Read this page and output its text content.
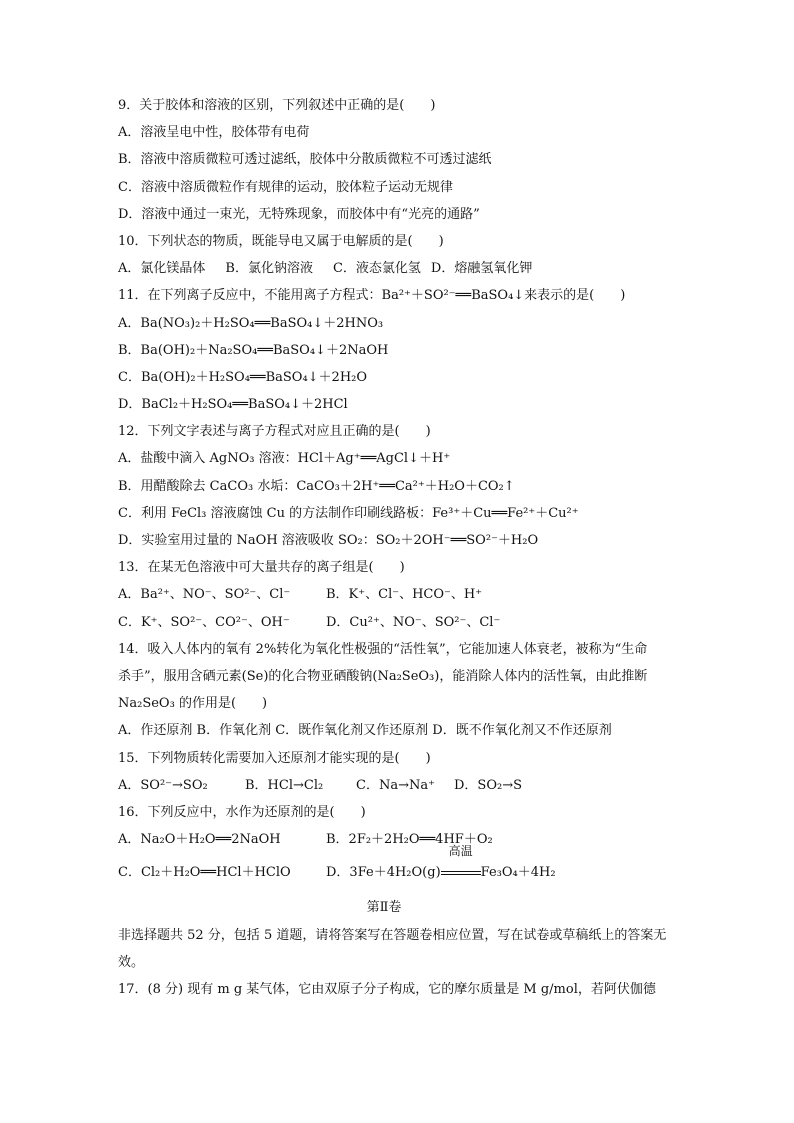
9．关于胶体和溶液的区别，下列叙述中正确的是(　　)
A．溶液呈电中性，胶体带有电荷
B．溶液中溶质微粒可透过滤纸，胶体中分散质微粒不可透过滤纸
C．溶液中溶质微粒作有规律的运动，胶体粒子运动无规律
D．溶液中通过一束光，无特殊现象，而胶体中有“光亮的通路”
10．下列状态的物质，既能导电又属于电解质的是(　　)
A．氯化镁晶体 B．氯化钠溶液 C．液态氯化氢 D．熔融氢氧化钾
11．在下列离子反应中，不能用离子方程式：Ba²⁺＋SO²⁻══BaSO₄↓来表示的是(　　)
A．Ba(NO₃)₂＋H₂SO₄══BaSO₄↓＋2HNO₃
B．Ba(OH)₂＋Na₂SO₄══BaSO₄↓＋2NaOH
C．Ba(OH)₂＋H₂SO₄══BaSO₄↓＋2H₂O
D．BaCl₂＋H₂SO₄══BaSO₄↓＋2HCl
12．下列文字表述与离子方程式对应且正确的是(　　)
A．盐酸中滴入 AgNO₃ 溶液：HCl＋Ag⁺══AgCl↓＋H⁺
B．用醋酸除去 CaCO₃ 水垢：CaCO₃＋2H⁺══Ca²⁺＋H₂O＋CO₂↑
C．利用 FeCl₃ 溶液腐蚀 Cu 的方法制作印刷线路板：Fe³⁺＋Cu══Fe²⁺＋Cu²⁺
D．实验室用过量的 NaOH 溶液吸收 SO₂：SO₂＋2OH⁻══SO²⁻＋H₂O
13．在某无色溶液中可大量共存的离子组是(　　)
A．Ba²⁺、NO⁻、SO²⁻、Cl⁻	B．K⁺、Cl⁻、HCO⁻、H⁺
C．K⁺、SO²⁻、CO²⁻、OH⁻	D．Cu²⁺、NO⁻、SO²⁻、Cl⁻
14．吸入人体内的氧有 2%转化为氧化性极强的“活性氧”，它能加速人体衰老，被称为“生命
杀手”，服用含硒元素(Se)的化合物亚硒酸钠(Na₂SeO₃)，能消除人体内的活性氧，由此推断
Na₂SeO₃ 的作用是(　　)
A．作还原剂 B．作氧化剂 C．既作氧化剂又作还原剂 D．既不作氧化剂又不作还原剂
15．下列物质转化需要加入还原剂才能实现的是(　　)
A．SO²⁻→SO₂	B．HCl→Cl₂	C．Na→Na⁺ D．SO₂→S
16．下列反应中，水作为还原剂的是(　　)
A．Na₂O＋H₂O══2NaOH	B．2F₂＋2H₂O══4HF＋O₂
C．Cl₂＋H₂O══HCl＋HClO	D．3Fe＋4H₂O(g)
高温
Fe₃O₄＋4H₂
第Ⅱ卷
非选择题共 52 分，包括 5 道题，请将答案写在答题卷相应位置，写在试卷或草稿纸上的答案无效。
17．(8 分) 现有 m g 某气体，它由双原子分子构成，它的摩尔质量是 M g/mol，若阿伏伽德
